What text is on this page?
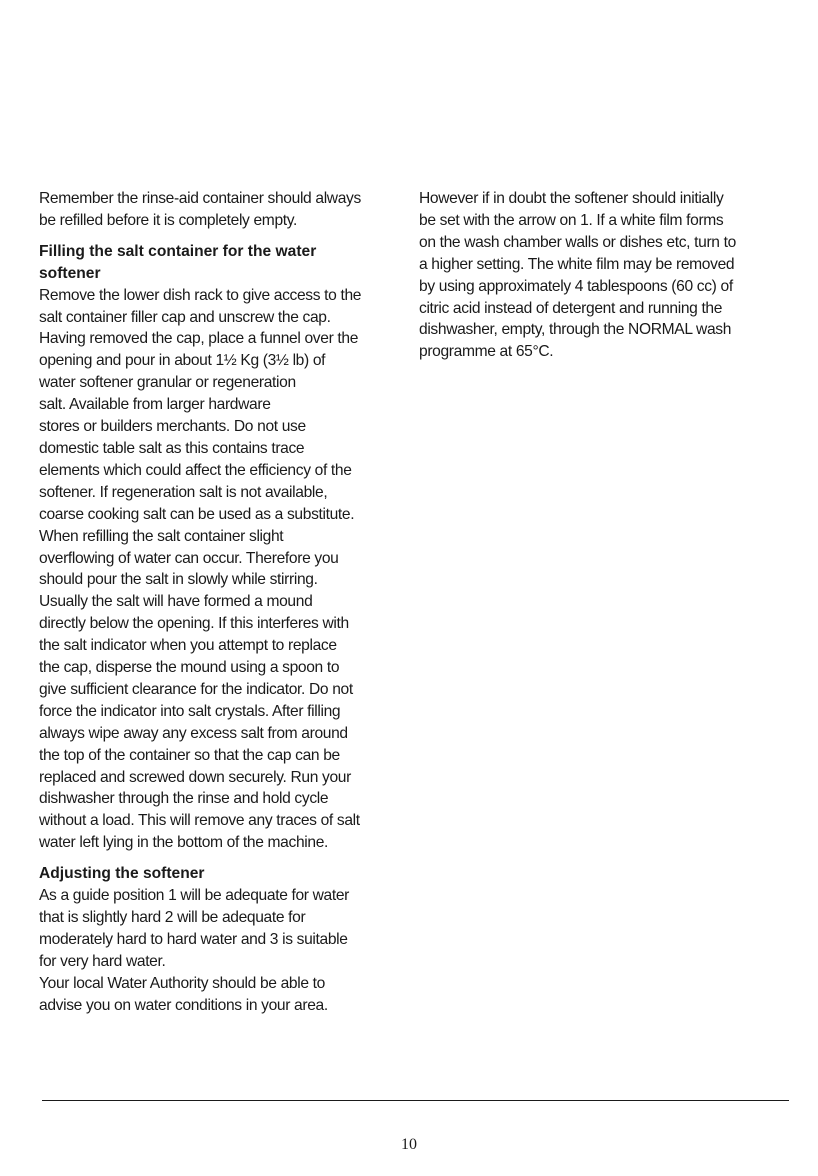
Remember the rinse-aid container should always
be refilled before it is completely empty.

Filling the salt container for the water
softener

Remove the lower dish rack to give access to the
salt container filler cap and unscrew the cap.
Having removed the cap, place a funnel over the
opening and pour in about 1½ Kg (3½ lb) of
water softener granular or regeneration
salt. Available from larger hardware
stores or builders merchants. Do not use
domestic table salt as this contains trace
elements which could affect the efficiency of the
softener. If regeneration salt is not available,
coarse cooking salt can be used as a substitute.
When refilling the salt container slight
overflowing of water can occur. Therefore you
should pour the salt in slowly while stirring.
Usually the salt will have formed a mound
directly below the opening. If this interferes with
the salt indicator when you attempt to replace
the cap, disperse the mound using a spoon to
give sufficient clearance for the indicator. Do not
force the indicator into salt crystals. After filling
always wipe away any excess salt from around
the top of the container so that the cap can be
replaced and screwed down securely. Run your
dishwasher through the rinse and hold cycle
without a load. This will remove any traces of salt
water left lying in the bottom of the machine.

Adjusting the softener

As a guide position 1 will be adequate for water
that is slightly hard 2 will be adequate for
moderately hard to hard water and 3 is suitable
for very hard water.
Your local Water Authority should be able to
advise you on water conditions in your area.

However if in doubt the softener should initially
be set with the arrow on 1. If a white film forms
on the wash chamber walls or dishes etc, turn to
a higher setting. The white film may be removed
by using approximately 4 tablespoons (60 cc) of
citric acid instead of detergent and running the
dishwasher, empty, through the NORMAL wash
programme at 65°C.

10
